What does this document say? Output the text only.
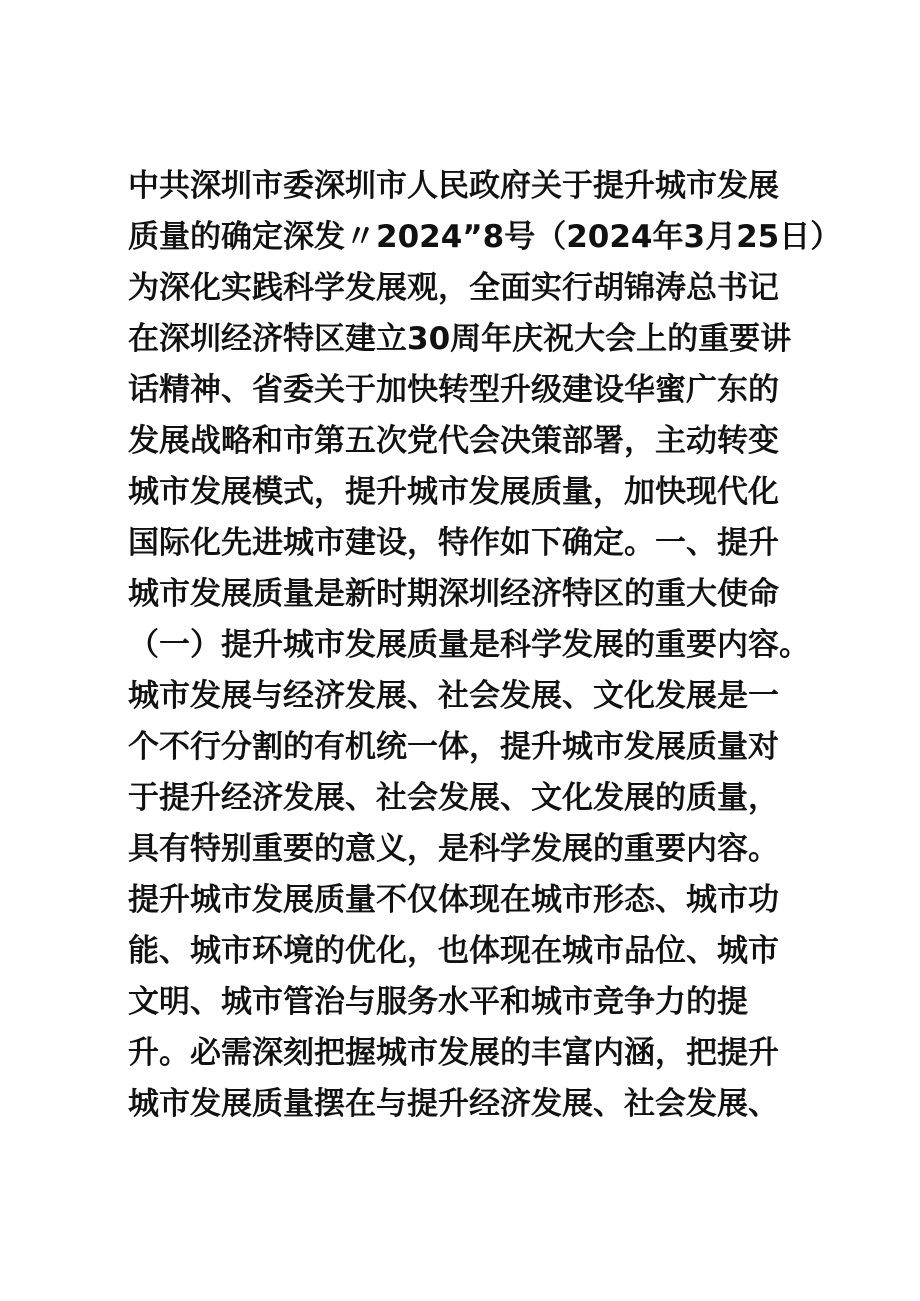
中共深圳市委深圳市人民政府关于提升城市发展
质量的确定深发〃2024”8号（2024年3月25日）
为深化实践科学发展观，全面实行胡锦涛总书记
在深圳经济特区建立30周年庆祝大会上的重要讲
话精神、省委关于加快转型升级建设华蜜广东的
发展战略和市第五次党代会决策部署，主动转变
城市发展模式，提升城市发展质量，加快现代化
国际化先进城市建设，特作如下确定。一、提升
城市发展质量是新时期深圳经济特区的重大使命
（一）提升城市发展质量是科学发展的重要内容。
城市发展与经济发展、社会发展、文化发展是一
个不行分割的有机统一体，提升城市发展质量对
于提升经济发展、社会发展、文化发展的质量，
具有特别重要的意义，是科学发展的重要内容。
提升城市发展质量不仅体现在城市形态、城市功
能、城市环境的优化，也体现在城市品位、城市
文明、城市管治与服务水平和城市竞争力的提
升。必需深刻把握城市发展的丰富内涵，把提升
城市发展质量摆在与提升经济发展、社会发展、
